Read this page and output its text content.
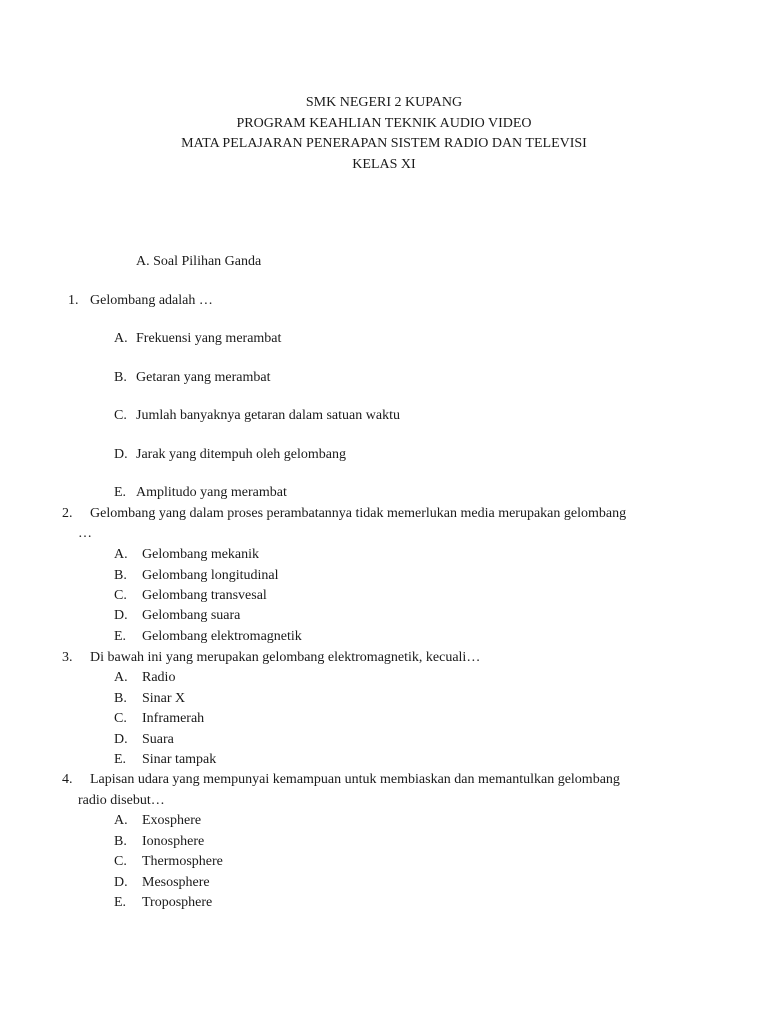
SMK NEGERI 2 KUPANG
PROGRAM KEAHLIAN TEKNIK AUDIO VIDEO
MATA PELAJARAN PENERAPAN SISTEM RADIO DAN TELEVISI
KELAS XI
A. Soal Pilihan Ganda
1. Gelombang adalah …
A. Frekuensi yang merambat
B. Getaran yang merambat
C. Jumlah banyaknya getaran dalam satuan waktu
D. Jarak yang ditempuh oleh gelombang
E. Amplitudo yang merambat
2. Gelombang yang dalam proses perambatannya tidak memerlukan media merupakan gelombang
…
A. Gelombang mekanik
B. Gelombang longitudinal
C. Gelombang transvesal
D. Gelombang suara
E. Gelombang elektromagnetik
3. Di bawah ini yang merupakan gelombang elektromagnetik, kecuali…
A. Radio
B. Sinar X
C. Inframerah
D. Suara
E. Sinar tampak
4. Lapisan udara yang mempunyai kemampuan untuk membiaskan dan memantulkan gelombang
radio disebut…
A. Exosphere
B. Ionosphere
C. Thermosphere
D. Mesosphere
E. Troposphere
